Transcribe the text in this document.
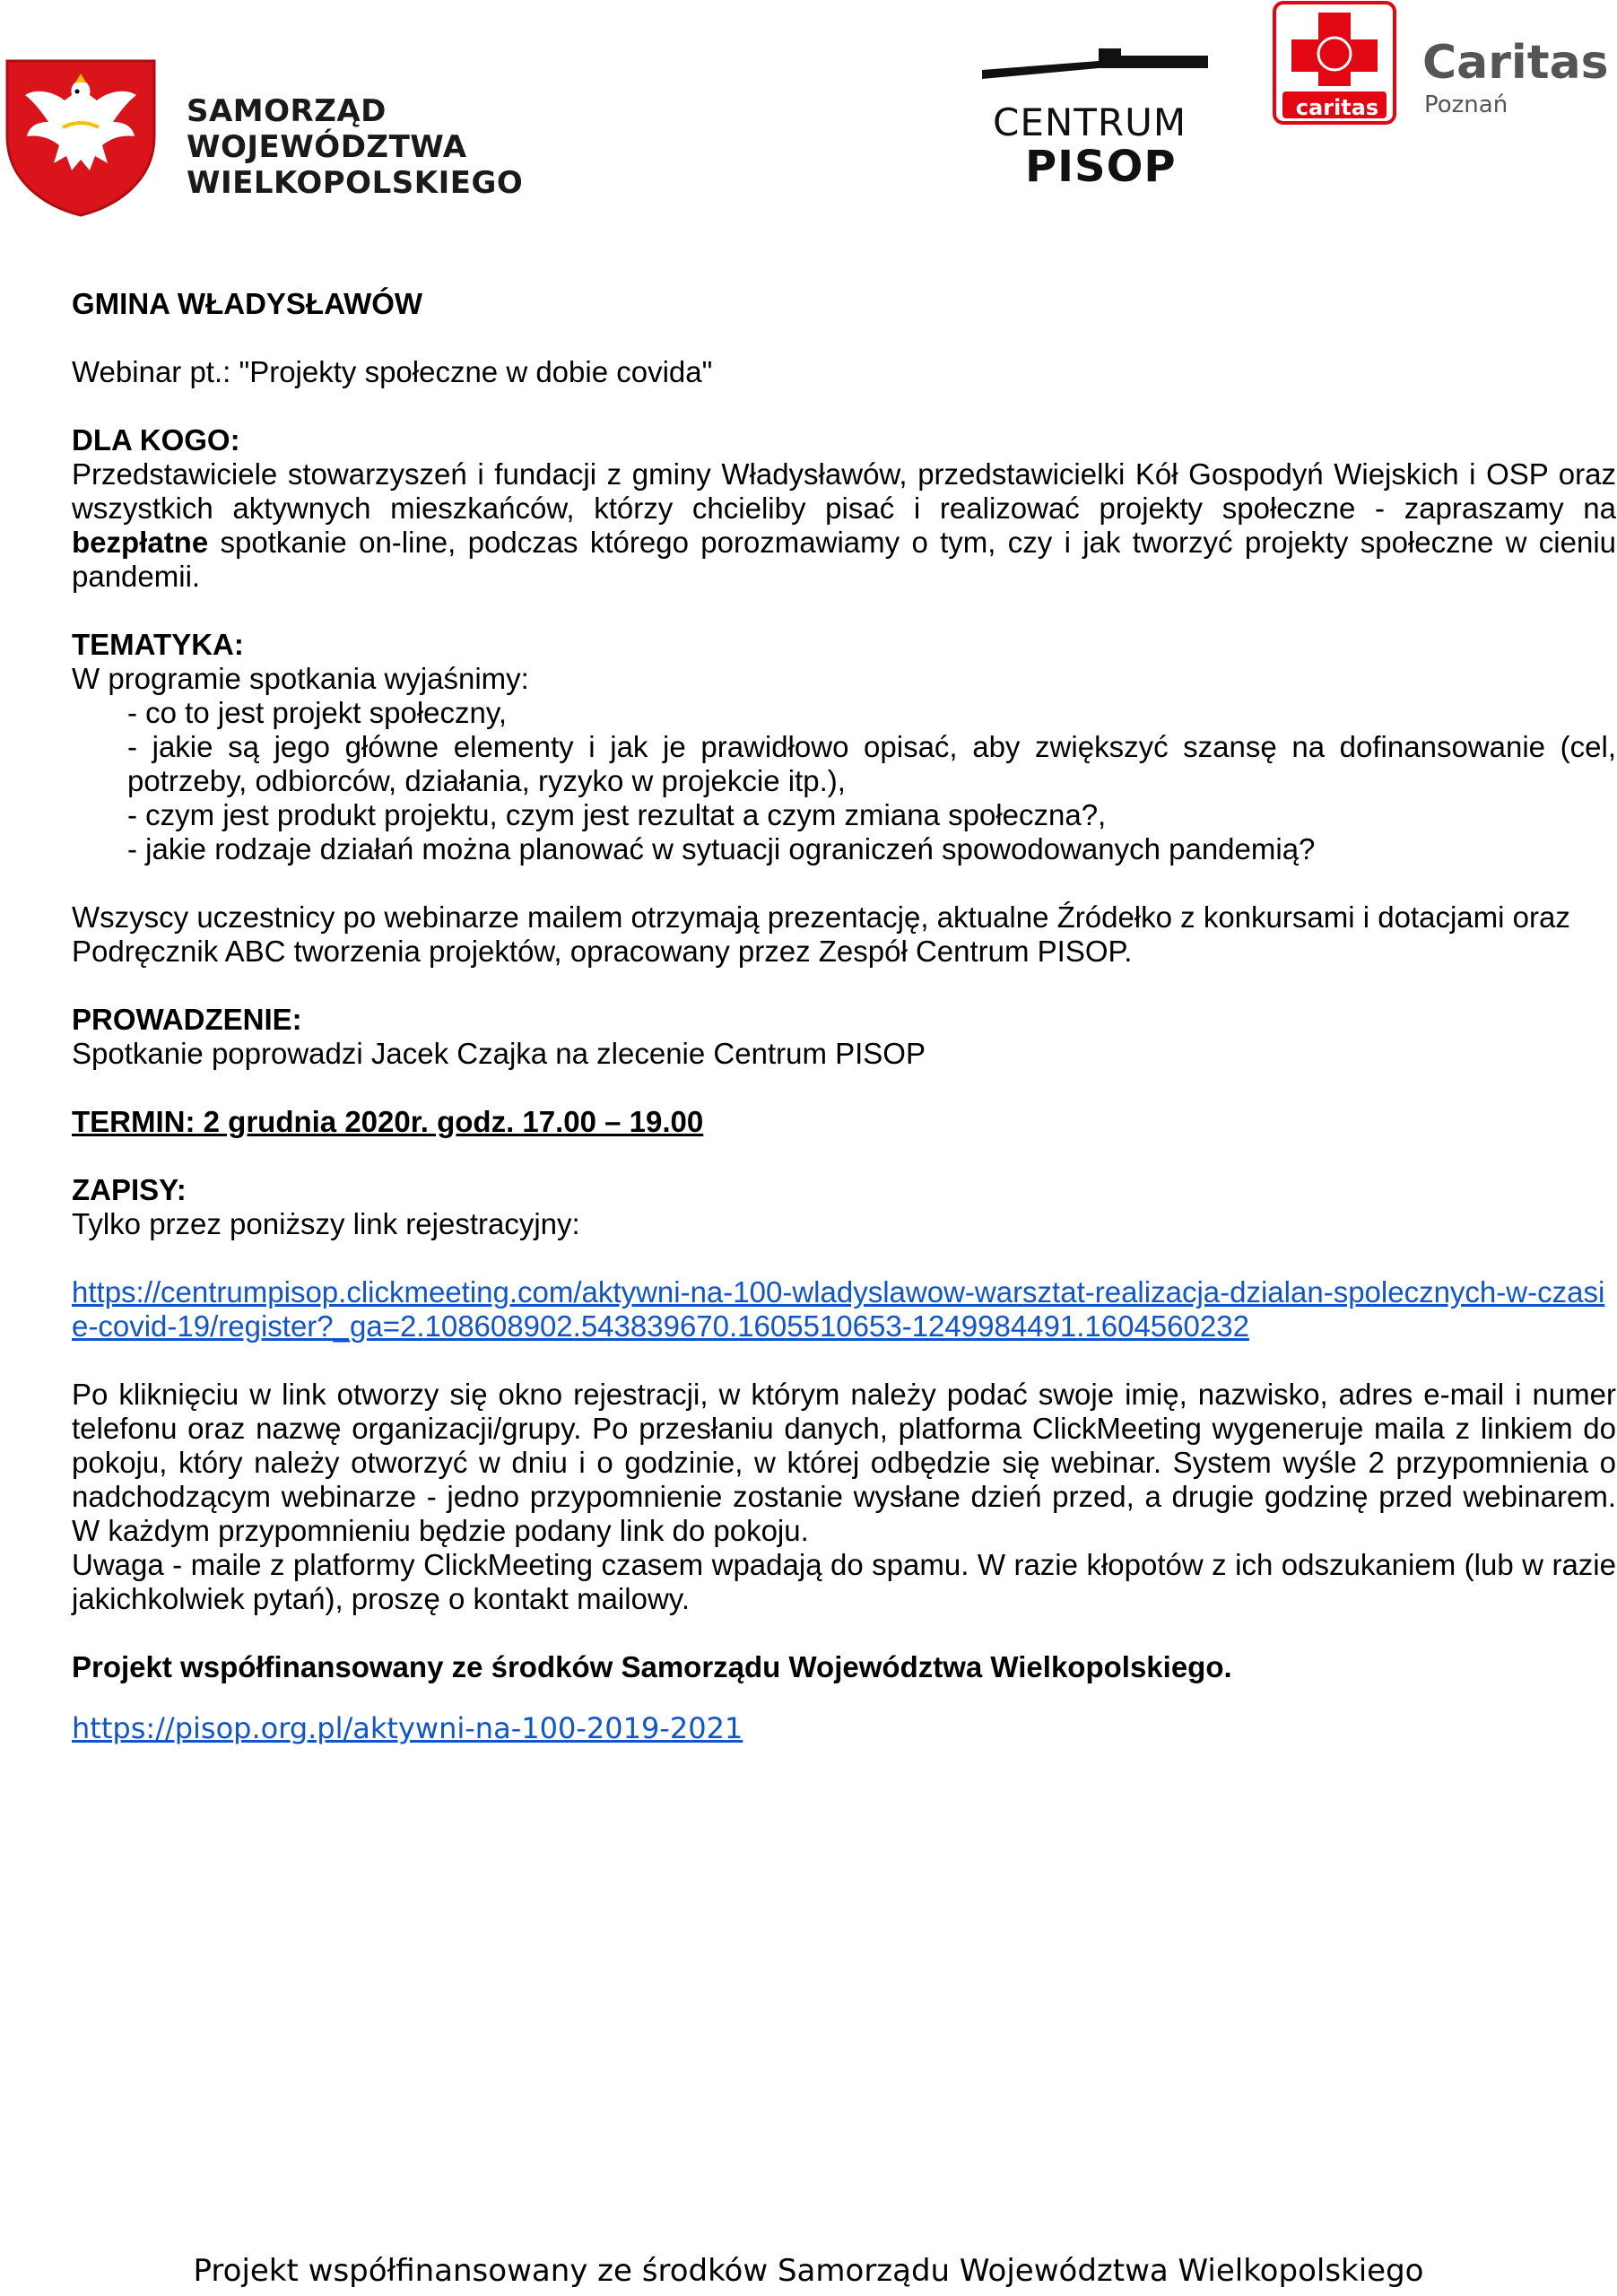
SAMORZĄD WOJEWÓDZTWA
WIELKOPOLSKIEGO
CENTRUM
PISOP
caritas
Caritas
Poznań

GMINA WŁADYSŁAWÓW

Webinar pt.: "Projekty społeczne w dobie covida"

DLA KOGO:

Przedstawiciele stowarzyszeń i fundacji z gminy Władysławów, przedstawicielki Kół Gospodyń Wiejskich i OSP oraz wszystkich aktywnych mieszkańców, którzy chcieliby pisać i realizować projekty społeczne - zapraszamy na bezpłatne spotkanie on-line, podczas którego porozmawiamy o tym, czy i jak tworzyć projekty społeczne w cieniu pandemii.

TEMATYKA:

W programie spotkania wyjaśnimy:

- co to jest projekt społeczny,

- jakie są jego główne elementy i jak je prawidłowo opisać, aby zwiększyć szansę na dofinansowanie (cel, potrzeby, odbiorców, działania, ryzyko w projekcie itp.),

- czym jest produkt projektu, czym jest rezultat a czym zmiana społeczna?,

- jakie rodzaje działań można planować w sytuacji ograniczeń spowodowanych pandemią?

Wszyscy uczestnicy po webinarze mailem otrzymają prezentację, aktualne Źródełko z konkursami i dotacjami oraz Podręcznik ABC tworzenia projektów, opracowany przez Zespół Centrum PISOP.

PROWADZENIE:

Spotkanie poprowadzi Jacek Czajka na zlecenie Centrum PISOP

TERMIN: 2 grudnia 2020r. godz. 17.00 – 19.00

ZAPISY:

Tylko przez poniższy link rejestracyjny:

https://centrumpisop.clickmeeting.com/aktywni-na-100-wladyslawow-warsztat-realizacja-dzialan-spolecznych-w-czasie-covid-19/register?_ga=2.108608902.543839670.1605510653-1249984491.1604560232

Po kliknięciu w link otworzy się okno rejestracji, w którym należy podać swoje imię, nazwisko, adres e-mail i numer telefonu oraz nazwę organizacji/grupy. Po przesłaniu danych, platforma ClickMeeting wygeneruje maila z linkiem do pokoju, który należy otworzyć w dniu i o godzinie, w której odbędzie się webinar. System wyśle 2 przypomnienia o nadchodzącym webinarze - jedno przypomnienie zostanie wysłane dzień przed, a drugie godzinę przed webinarem. W każdym przypomnieniu będzie podany link do pokoju.

Uwaga - maile z platformy ClickMeeting czasem wpadają do spamu. W razie kłopotów z ich odszukaniem (lub w razie jakichkolwiek pytań), proszę o kontakt mailowy.

Projekt współfinansowany ze środków Samorządu Województwa Wielkopolskiego.

https://pisop.org.pl/aktywni-na-100-2019-2021

Projekt współfinansowany ze środków Samorządu Województwa Wielkopolskiego
